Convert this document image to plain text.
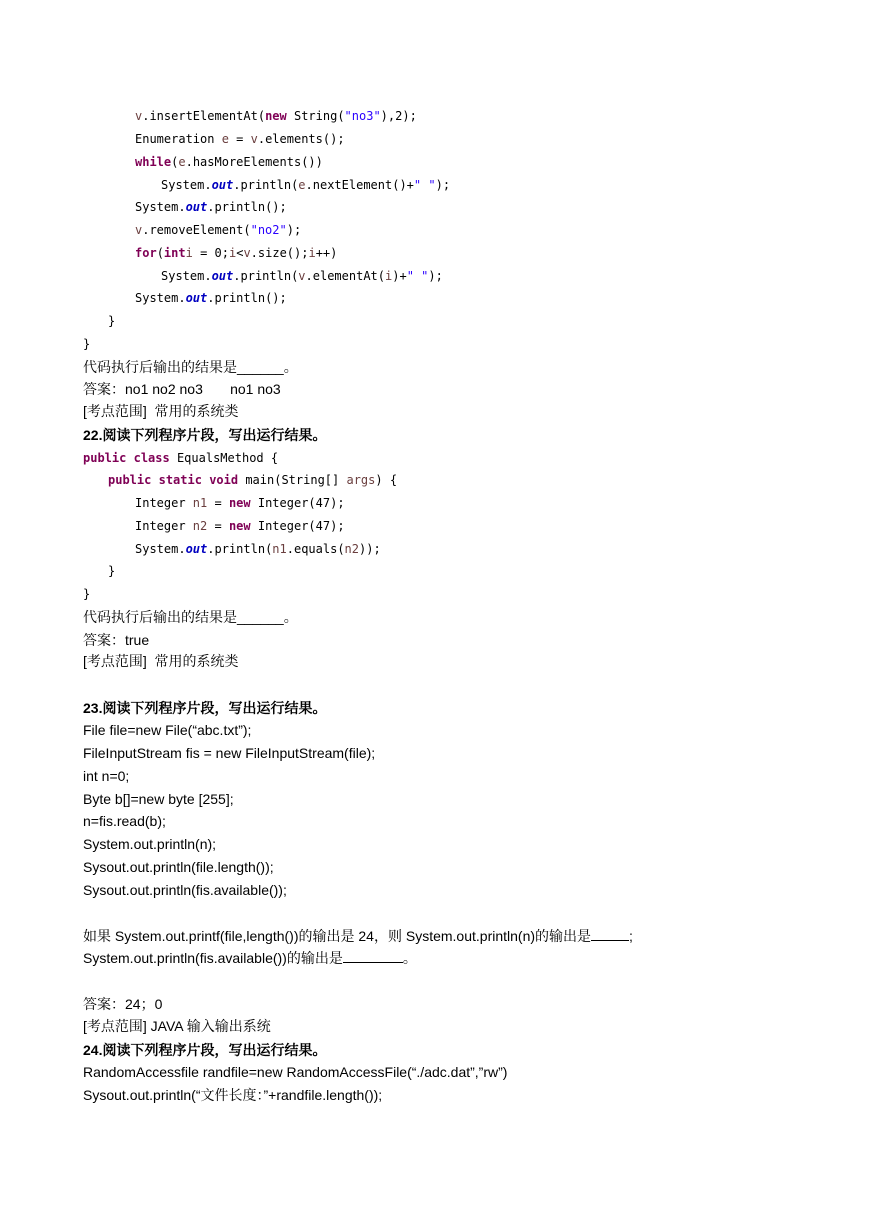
v.insertElementAt(new String("no3"),2);
Enumeration e = v.elements();
while(e.hasMoreElements())
System.out.println(e.nextElement()+" ");
System.out.println();
v.removeElement("no2");
for(inti = 0;i<v.size();i++)
System.out.println(v.elementAt(i)+" ");
System.out.println();
}
}
代码执行后输出的结果是______。
答案：no1 no2 no3       no1 no3
[考点范围]  常用的系统类
22.阅读下列程序片段，写出运行结果。
public class EqualsMethod {
public static void main(String[] args) {
Integer n1 = new Integer(47);
Integer n2 = new Integer(47);
System.out.println(n1.equals(n2));
}
}
代码执行后输出的结果是______。
答案：true
[考点范围]  常用的系统类
23.阅读下列程序片段，写出运行结果。
File file=new File(“abc.txt”);
FileInputStream fis = new FileInputStream(file);
int n=0;
Byte b[]=new byte [255];
n=fis.read(b);
System.out.println(n);
Sysout.out.println(file.length());
Sysout.out.println(fis.available());
如果 System.out.printf(file,length())的输出是 24，则 System.out.println(n)的输出是	;
System.out.println(fis.available())的输出是	。
答案：24；0
[考点范围] JAVA 输入输出系统
24.阅读下列程序片段，写出运行结果。
RandomAccessfile randfile=new RandomAccessFile(“./adc.dat”,”rw”)
Sysout.out.println(“文件长度：”+randfile.length());
